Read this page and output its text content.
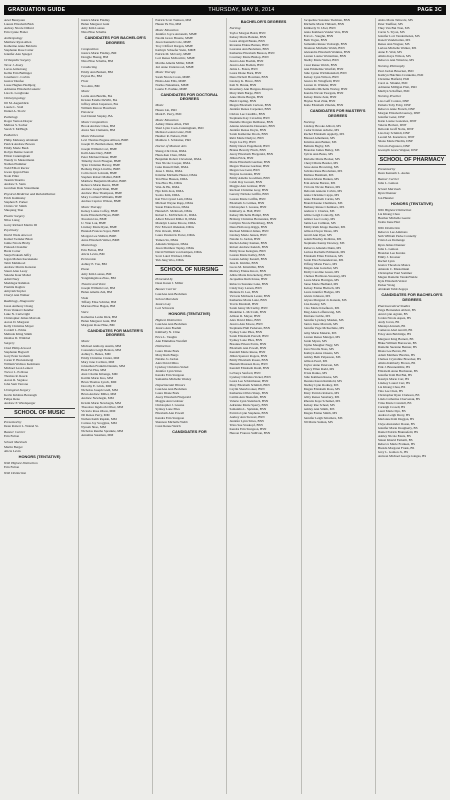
GRADUATION GUIDE	THURSDAY, MAY 8, 2014	PAGE 3C

Ariel Benayoun

Lauren Elizabeth Bish

Aubrey Nicole Dillard

Erin Lynne Fisher

Anthropology

Matthew Ryan Allen

Katherine Anne Baldwin

Stephanie Rose Carter

Jennifer Ann Spiegel

Orthopedic Surgery

Tavor J. Avery

Lucas Armstrong

Kellie Erin Bullinger

Jonathan C. Corbin

Gustav Dunfee

Lasse Hughes Hedbjerg

Adrienne Elizabeth Luketic

Lisa K. Longbrake

Otolaryngology

Jill M. Augenblick

Laurie L. Stoll

Daniel A. Slovic

Pathology

Roger Vernon Dreyer

Melissa S. Sacher

Sarah T. McHugh

Pediatrics

Philip Mahoney Abraham

Patrick Andrew Bowen

Emily Marie Bush

Robyn Denise Garroll

Elliott Cunningham

Wendy Jo Mastermann

Nathan Plummer

Todd Elliott Rector

Gwen Quyen Phan

Noah Piller

Tasnim Sharma

Andrew S. Stein

Gretchen Dale Strautmann

Physical Medicine and Rehabilitation

Erich Kaminsky

Stephen E. Parker

Christo W. Smith

Shuqiang Tian

Plastic Surgery

Nilsa Liang

Garry Richard Martin III

Psychiatry

David Wade Atwood

Kamal Swinder Bhati

Jaime Nicole Bixby

Prakash Chandler

Brent Cotter

Sanju Prakash Jeffry

Jegan Mohan Kecskekale

Tahir Mahmood

Andrew Marris Kenston

Stuart Alan Leary

Saleshe Kaur Mahal

Adnil Nezy

Muddagar Rahman

Pramila Raghav

Amyriah Snyder

Cheryl Ann Walker

Radiology, Diagnostic

Jason Anthony Chang

Evan Venkat Chandler

Luke N. Cartwright

Christopher James Malcom

Aaron D. Margaret

Kelly Christine Mayer

Cordell L. Prime

Melinda Kling Smith

Onalisa D. Winblad

Surgery

Chad Philip Atwood

Stephanie Bagwell

Gary Peter Graham

Carter P. Hortensbergi

William Wallace Kettmann

Michael Leon Leinert

Trevor L. Pollrose

Thomas R. Reeck

Aaron R. Sagutoe

John Sam Varrone

Urological Surgery

Kevin Krishna Betonagh

Felipe Reno

Andrew P. Windsperger

SCHOOL OF MUSIC
Presented by

Dean Robert L. Walzel Sr.

Banner Carrier

Erin Fulton

School Marshals

Martin Berger

Alicia Levin

HONORS (TENTATIVE)
With Highest Distinction

Erin Fulton

With Distinction

Jessica Marie Findley

Helen Margaret Gunt

Amy Kim Laanes

Nina Elise Schelbe

CANDIDATES FOR BACHELOR'S DEGREES
Composition

Jessica Marie Findley, BM

Dongjie Huang, BM

Nina Elise Schelbe, BM

Conducting

Emily Ann Barkett, BM

Peyton Bo, BM

Flute

Yoo Ahn, BM

Music

Leslie Ann Butzlik, BA

Kristen Estelle DeWitt, BA

Jeffrey Allen Jasperson, BA

William Mercer Hawthorn

Pistoncor

Joel Daniel Stapley, BA

Music Composition

Brook Andrew Chee, BM

Alexa Sun Clements, BM

Music Education

Levi Thomas Eugene Allison, BME

Joseph W. Bartholomew, BME

Joseph William Cort, BME

Kalli Anne Dary, BME

Peter Michael Dauer, BME

Timothy Jacob Finegan, BME

Tyler Christian Harvey, BME

Bethany Paige Linville, BME

Colin Jacob Lohrum, BME

Stephen Robert Mahler, BME

Matthew Benjamin Moeller, BME

Rebecca Marie Reeve, BME

Andrew Joseph Shun, BME

Andrew Pine Thompson, BME

Mary Cortland Williams, BME

Andrea Caprice Wilson, BME

Music Therapy

Kelsey Lanne Coffey, BME

Katie Elizabeth Hayes, BME

Xiaotian Liu, BME

U. Wan Lok, BME

Lindsay Marie Ryan, BME

Hannah Frances Sayer, BME

Morgan Lee Shillett, BME

Anna Elizabeth Weber, BME

Musicology

Erin Fulton, BM

Alicia Levin, BM

Percussion

Ashley E. Tua, BM

Piano

Amy Kim Laanes, BM

Yongmingzhou Zhao, BM

Theatre and Voice

Joseph William Cort, BM

Helen Amelia Zeh, BM

Viola

Tiffany Elise Schirler, BM

Marissa Elise Hagen, BM

Voice

Katherine Leslie Dick, BM

Helen Margaret Gunt, BM

Margaret Rose Hine, BM

CANDIDATES FOR MASTER'S DEGREES
Music

Michael Anthony Austin, MM

Cassandra Leigh Benton, MM

Ashley L. Benes, MM

Emily Christine Cinder, MM

Mary Jane Corliton, MM

Johnathan Franklin Daniels, MM

Hsin Fei Hsu, MM

Alex Charlie Kibenge, MM

Kaitlin Marie Kuo, MM

Brian Thomas Lynch, MM

Dorothy E. Glick, MM

Nicholas Joseph Grell, MM

Brian Andrew Miller, MM

Andrew Newbegin, MM

Kristin Marie Newbegin, MM

Theodore Ingeborh Oliver, MM

Victoria Rose Olson, MM

Jill Renee Perry, MM

Nathan Keith Rapkin, MM

Carissa Joy Scoggins, MM

Nyssah Shao, MM

Nicholas Reuthe Sprankle, MM

Annaline Sussman, MM

Patrick Scott Tunison, MM

Huaan Yu Wu, MM

Music Education

Jennifer Joyce Antonetti, MME

Naomi Grace Bruette, MME

Jason Kenneth Cole, MME

Troy Clifford Dargen, MME

Kathryn Schaefer Stein, MME

Patrick M. McCarty, MME

Lori Renee McKormic, MME

Martha Amelia Miller, MME

Jeri Anne Underwood, MME

Music Therapy

Sarah Nicole Coats, MME

Elisha Ann Ellis, MME

Noriko Nakamura, MME

Laurie E. Pashke, MME

CANDIDATES FOR DOCTORAL DEGREES
Music

Hsuan Lin, PhD

Mark E. Perry, PhD

Music Education

Ashley Diane Allen, PhD

Sheri Lynn Cook-Cunningham, PhD

Melissa LeAnn Gratz, PhD

Heather R. Nelson, PhD

Matthew J. Schlomer, PhD

Doctor of Musical Arts

Sheng-Chi Chan, DMA

Huan-Ken Chen, DMA

Benjamin Robert Cleveland, DMA

Tara Nicole Cooper, DMA

Luke Russell Dell, DMA

Jesse J. Dirks, DMA

Kristine Michelle Hester, DMA

Yen Elise Hussen, DMA

Tzu-Hwa Ho, DMA

Wan-Ju Hu, DMA

Hye Kim Jeon, DMA

Sooho Kim, DMA

Kai Yin Crystal Lam, DMA

Michael Wayne Rapp, DMA

Susan Elaine Koss, DMA

Hannah E. McIntosh, DMA

Robert L. McNichols Jr., DMA

Albert Edward Miller II, DMA

Madelyn Louise Moore, DMA

Eric Edward Oleksiuk, DMA

Erin Oswalt, DMA

Laura Pendarvis Porter, DMA

Yamen Sn, DMA

Amanda Simpson, DMA

Jason Matthew Tapley, DMA

David William von Kampen, DMA

Scott Laird Wichael, DMA

Yuh Jung Woo, DMA

SCHOOL OF NURSING
Presented by

Dean Karen J. Miller

Banner Carrier

LaurAna Ann Beckman

School Marshals

Jessica Gay

Lori Schwartz

HONORS (TENTATIVE)
Highest Distinction

LaurAna Ann Beckman

Jessica Ann Boehm

Kimberly N. Cline

Erica L. Vaughn

Ann Emmeline Westfall

Distinction

Laura Diane Bork

Mary Ruth Burgs

Natalie Jo Jordan

Alex David Mino

Lyndsay Christina Sickel

Jennifer Lynn Stites

Kendra Erin Sturgeon

Samantha Michelle Wesley

Departmental Honors

LaurAna Ann Beckman

Laura Diane Bork

Avery Elizabeth Fitzgerald

Maggie Ann Grabner

Christopher J. Greene

Sydney Lane Piles

Elizabeth Ann Powell

Kendra Erin Sturgeon

Shannon Michelle Webb

Cassi Renee Welch

CANDIDATES FOR
BACHELOR'S DEGREES
Nursing

Taylor Morgan Baird, BSN

Kelsey Marie Balaski, BSN

Laura Abigail Banks, BSN

Roxanne Elaine Barnes, BSN

LaurAna Ann Beckman, BSN

Katherine Elizabeth Benson, BSN

Courtney Marie Bishop, BSN

Jessica Ann Boehm, BSN

Jessica Ann Bodkin, BSN

Jamie L. Bolen, BSN

Laura Diane Bork, BSN

Dana Nicholl Bowman, BSN

Lindsay K. Bruce, BSN

Kali N. Brunk, BSN

Rosemary Ann Burgess-Mouyen

Mary Ruth Burge, BSN

Anne Marie Burgin, BSN

Heidi Capling, BSN

Megan Elizabeth Carlson, BSN

Jennifer Renee Carpenter, BSN

Christa Lee Caudillo, BSN

Stephanie Kay Cavadini, BSN

Danielle Morgan DeMasse, BSN

Alenna Alexandra Desseaux, BSN

Jennifer Renae Doyle, BSN

Sarah Katherine Drock, BSN

Rubi Marie Dudycz, BSN

Taryn Joe Ely, BSN

Emily Dawn Engelhardt, BSN

Briana Beverly Finch, BSN

Avery Elizabeth Fitzgerald, BSN

Jillian Frick, BSN

Marie Elizabeth Gardner, BSN

Megan Therese Gardner, BSN

Megan Lee Gent, BSN

Shayna Gonzales, BSN

Emily Amelia Goodman, BSN

Caleb Ray Gossett, BSN

Maggie Ann Grabner, BSN

Rachael Christine Gray, BSN

Gerarty Nichole Griffin, BSN

Lauren Marie Griffin, BSN

Elizabeth Jo Grimes, BSN

Christopher J. Greene, BSN

Kimberly A. Hall, BSN

Kelsey Michelle Hampl, BSN

Brittany Christine Hernandez, BSN

Caitlynn Nicole Hershberg, BSN

Dana Holloway-Riggs, BSN

Rachael Mildred James, BSN

Lindsey Marie Jensen, BSN

Natalie Jo Jordan, BSN

Rachel Ashley Kamen, BSN

Robert Andrew Kekich, BSN

Emily Rose Kelegian, BSN

Lauren Marie Kelley, BSN

Lauren Ashley Kestell, BSN

Jane R. Kimble, BSN

Lucas M. Kitsmiller, BSN

Mallory Elaine Knorr, BSN

Abbie Marie Kruckeberg, BSN

Jacqueline Ruth Kruse, BSN

Rebecca Suzanne Lake, BSN

Cindy Kay Larsen, BSN

Melanie D. Lee, BSN

Victoria Michaela Lester, BSN

Katherine Marie Lunz, BSN

Travis Marshall, BSN

Sarah Jenny McCarthy, BSN

Madeline L. McCrath, BSN

Allison R. Meyer, BSN

Alex David Mino, BSN

Jessica Ann Moore, BSN

Stephanie Hull Pedersen, BSN

Sydney Lane Piles, BSN

Sarah Elizabeth Purcell, BSN

Sydney Lane Piles, BSN

Breanne Eileen Parris, BSN

Elizabeth Ann Powell, BSN

Kendall Marie Reese, BSN

Jillian Spencer Rogers, BSN

Emily Elizabeth Rosen, BSN

Hannah Maureen Ross, BSN

Kendall Elizabeth Rudd, BSN

LaTonya Sanford, BSN

Lyndsay Christina Sickel, BSN

Laura Lee Schlotthauer, BSN

Mary Elizabeth Schmidt, BSN

Caylin Shawbrooker, BSN

Katherine Olivia Sharp, BSN

Caitlin Ann Shenefelt, BSN

Valerie Lynn Steinbach, BSN

Adrienne Marie Sperry, BSN

Samantha L. Sprinkle, BSN

Patricia Lynn Stephens, BSN

Audrey Ann Stewart, BSN

Jennifer Lynn Stites, BSN

Trina Sue Stoskopf, BSN

Kendra Erin Sturgeon, BSN

Hereon Frances Sullivan, BSN

Jacqueline Suzanne Tiedman, BSN

Michelle Marie Thibault, BSN

Kimberly N. Ubel, BSN

Anna Kathleen Vander Vers, BSN

Erica L. Vaughn, BSN

Beth Vogan, BSN

Samantha Renee Vosburgh, BSN

Shannon Michelle Walsh, BSN

Alexandra Elizabeth Watkins, BSN

Lauren Louise Watterman, BSN

Shelby Marie Weber, BSN

Cassi Renee Welch, BSN

Ann Emmeline Westfall, BSN

Julie Lynne Wichmanshall, BSN

Kelsey Lynn Wilson, BSN

Jessica M. Wingfield, BSN

Lauren O. Winkler, BSN

Samantha Michelle Worley, BSN

Kandra Nicole Yeargain, BSN

Kelsey Marie Zent, BSN

Haylee Noel Zink, BSN

Katie Elizabeth Zmolek, BSN

CANDIDATES FOR MASTER'S DEGREES
Nursing

Lindsay Brooke Abbott, MS

Cedar Kristen Achebe, MS

Rachel Elizabeth Appleby, MS

Blessed Athemessi, MS

Kristina Ann Baiker, MS

Belinda Bagby, MS

Brandon James Bailey, MS

Sylvia Ann Bates, MS

Melodie Marie Becker, MS

Cheryl Marie Bessler, MS

Jesse Anne Browning, MS

Sabrina Rene Brockman, MS

Melissa Burnham, MS

Kristen Marie Burken, MS

Erin Arlene Burton, MS

Victoria Nicole Burton, MS

Deborah Annette Calvin, MS

Anna Christine Capps, MS

Anne Elizabeth Carins, MS

Brandi Keane Chambers, MS

Bethany Renee Chambers, MS

Andrew J. Charles, MS

Abbie Leigh Connolly, MS

Amber Lee Cooley, MS

Jamie Lee Cullinan, MS

Emily Ruth Kluge Deemer, MS

Allison Dwyer Drees, MS

Averil Ann Dyer, MS

Adam Bradley Dobbins, MS

Stephanie Kenny Downey, MS

Rebecca Amanda Dunn, MS

Larissa Rachelle Edmunds, MS

Elizabeth Ellen Erickson, MS

Sarah Elsa Fernandezvan, MS

Tiffany Marie Fusco, MS

Megan Ann Gatschet, MS

Molly Caroline Green, MS

Chelsea Harbison-Sweeney, MS

Laura Marie Harrigan, MS

Janae Marie Hedlund, MS

Kelsey Elaine Hiebsch, MS

Laura Jennifer Hodges, MS

Alexis Johnson, MS

Alyssa Margaret Jo Kanada, MS

Lisa Keeley, MS

Cleo Marie Kloefkorn, MS

Meg Anne Leffenwang, MS

Meriane Lubbe, MS

Jennifer Lyndsey Maiden, MS

Janica Irene Marcum, MS

Jennifer Page McKechnie, MS

Amy Marie Meierle, MS

Lauren Renee Metzger, MS

Sarah Myers, MS

Jayme Meagher Nagy, MS

Zara Nicolle Nass, MS

Kathryn Anne Ossens, MS

Ashley Beth Palpesson, MS

Allison Pearl, MS

Taylor Anne Peterson, MS

Nancy Ellen Radd, MS

Trista Ranko, MS

Julie Kathleen Reese, MS

Deanna Karen Reinhold, MS

Shelley Lynn Rodney, MS

Megan Elizabeth Rosa, MS

Mary Patricia Roberts, MS

Abby Renee Sansbury, MS

Rhonda Kaye Schamel, MS

Kelsey Rae Scheel, MS

Ashley Ann Smith, MS

Megan Elaine Smith, MS

Jennifer Leigh Smothers, MS

Jill Marie Suman, MS

Aisha Marie Taliwolz, MS

Peter Tauffner, MS

Thuy Van Bui Tran, MS

Carrie S. Tryon, MS

Jennifer Lori Vandermolen, MS

Ronelt Vandebarlan, MS

Renee Ann Wagner, MS

Larissa Michelle Walker, MS

Anne E. Watt, MS

Alisha Kaye Wilson, MS

Rebecca Ann Winslow, MS

Nursing Philosophy

Paul Jordan Bruecket, PhD

Kathryn Hutchins Crankema, PhD

Christine Hatfield, PhD

Carol A. Sibakki, PhD

Adrienne Milligan Platt, PhD

Marilyn Schaffner, PhD

Nursing Practice

Lisa Gaff Conlon, DNP

Pamela Toby Fohy, DNP

Rebecca Anne French, DNP

Morgan Elizabeth Gurney, DNP

Jennifer Geier, DNP

Katie Louise Gonzalez, DNP

Valerie Herbert, DNP

Deborah Graff Nolte, DNP

Lisa Kay Schmidt, DNP

Leonid M. Kazarinov, DNP

Shana Marie Hardin, DNP

Victoria Pegnusca, DNP

Gwenyth Grace Wagner, DNP

SCHOOL OF PHARMACY
Presented by

Dean Kenneth L. Audus

Banner Carrier

Julie L. Gaikon

School Marshals

Ryan Drenner

Jon Hunsler

HONORS (TENTATIVE)
With Highest Distinction

Lia Khang Chau

Heather Michelle Geertz

Tealia Irene Hart

With Distinction

Rebecca Lee Ammons

Seth William Parke Connelly

Trista Lee Domenge

Ryan James Drenner

Julie L. Gaikon

Brandon Lee Kurdas

Emily J. Krosner

Rachel Lynn

Jessica Theodore Mance

Amanda C. Mustelinski

Christopher Paul Sommer

Megan Danielle VanderWeide

Kyle Elizabeth Vetzal

Parker Wong

Abraham Tehit Zegeye

CANDIDATES FOR BACHELOR'S DEGREES
Pharmaceutical Studies

Paige Hernandez Abbott, BS

Arun Lynn Agrain, BS

Jordan Nicole Aspen, BS

Andy Jovan, BS

Mustapi Attanah, BS

Cameron Abel Averill, BS

Foley Ann Baldridge, BS

Margaret King Barnett, BS

Blake William Barrascen, BS

Danielle Suzanne Benner, BS

Diana Lee Bevan, BS

Adam Matthew Blevins, BS

Chelsea Crystaline Broecker, BS

Alisha Kimberly Brown, BS

Erik J. Brunnenblitz, BS

Elizabeth Anne Buchanan, BS

Jennifer Kim Bui Bui, BS

Katelyn Marie Carr, BS

Lindsey Laurel Carr, BS

Lia Khang Chau, BS

Tina Lee Chen, BS

Christopher Ryan Clarkson, BS

Linda Catherine Chervenak, BS

Trina Marie Crandall, BS

Carleigh Crosell, BS

Lauri Marie Dye, BS

Audrea Leigh Drery, BS

Marianne Kim Duggan, BS

Cleye Alexander Dosan, BS

Jennifer Marie Dougherty, BS

Daniel Patrick Brunnefeld, BS

Ashley Nicole Ennis, BS

Sinusi Kharid Esmaili, BS

Rebecca Marie Franken, BS

Brenda Margaret Frank, BS

Jerry L. Gamon Jr., BS

Antwan Michael George Gingas, BS
